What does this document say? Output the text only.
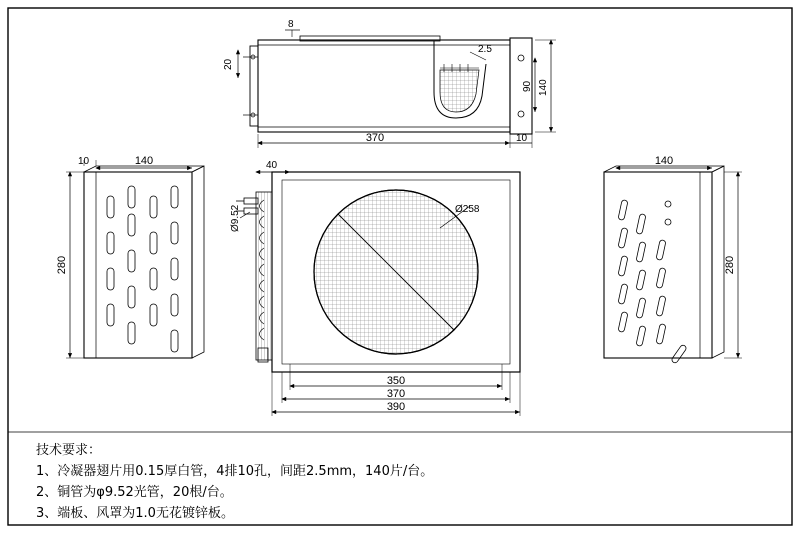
8
20
2.5
90 140
370	10
10	140
280
Ø258
Ø9.52
40
350
370
390
140
280
技术要求：
1、冷凝器翅片用0.15厚白管，4排10孔，间距2.5mm，140片/台。
2、铜管为φ9.52光管，20根/台。
3、端板、风罩为1.0无花镀锌板。
